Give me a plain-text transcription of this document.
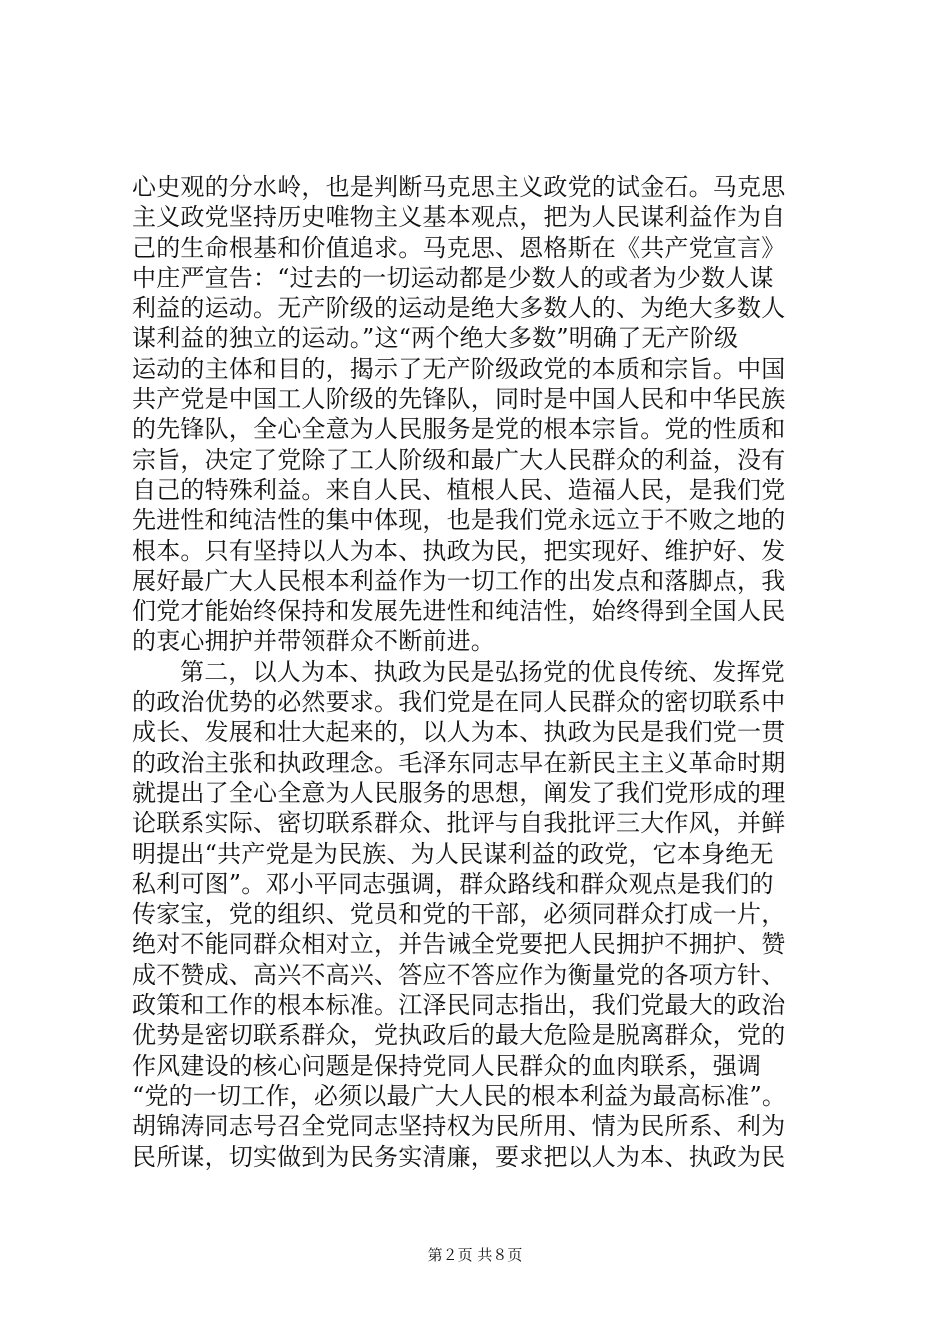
心史观的分水岭，也是判断马克思主义政党的试金石。马克思
主义政党坚持历史唯物主义基本观点，把为人民谋利益作为自
己的生命根基和价值追求。马克思、恩格斯在《共产党宣言》
中庄严宣告：“过去的一切运动都是少数人的或者为少数人谋
利益的运动。无产阶级的运动是绝大多数人的、为绝大多数人
谋利益的独立的运动。”这“两个绝大多数”明确了无产阶级
运动的主体和目的，揭示了无产阶级政党的本质和宗旨。中国
共产党是中国工人阶级的先锋队，同时是中国人民和中华民族
的先锋队，全心全意为人民服务是党的根本宗旨。党的性质和
宗旨，决定了党除了工人阶级和最广大人民群众的利益，没有
自己的特殊利益。来自人民、植根人民、造福人民，是我们党
先进性和纯洁性的集中体现，也是我们党永远立于不败之地的
根本。只有坚持以人为本、执政为民，把实现好、维护好、发
展好最广大人民根本利益作为一切工作的出发点和落脚点，我
们党才能始终保持和发展先进性和纯洁性，始终得到全国人民
的衷心拥护并带领群众不断前进。
第二，以人为本、执政为民是弘扬党的优良传统、发挥党
的政治优势的必然要求。我们党是在同人民群众的密切联系中
成长、发展和壮大起来的，以人为本、执政为民是我们党一贯
的政治主张和执政理念。毛泽东同志早在新民主主义革命时期
就提出了全心全意为人民服务的思想，阐发了我们党形成的理
论联系实际、密切联系群众、批评与自我批评三大作风，并鲜
明提出“共产党是为民族、为人民谋利益的政党，它本身绝无
私利可图”。邓小平同志强调，群众路线和群众观点是我们的
传家宝，党的组织、党员和党的干部，必须同群众打成一片，
绝对不能同群众相对立，并告诫全党要把人民拥护不拥护、赞
成不赞成、高兴不高兴、答应不答应作为衡量党的各项方针、
政策和工作的根本标准。江泽民同志指出，我们党最大的政治
优势是密切联系群众，党执政后的最大危险是脱离群众，党的
作风建设的核心问题是保持党同人民群众的血肉联系，强调
“党的一切工作，必须以最广大人民的根本利益为最高标准”。
胡锦涛同志号召全党同志坚持权为民所用、情为民所系、利为
民所谋，切实做到为民务实清廉，要求把以人为本、执政为民
第２页 共８页
